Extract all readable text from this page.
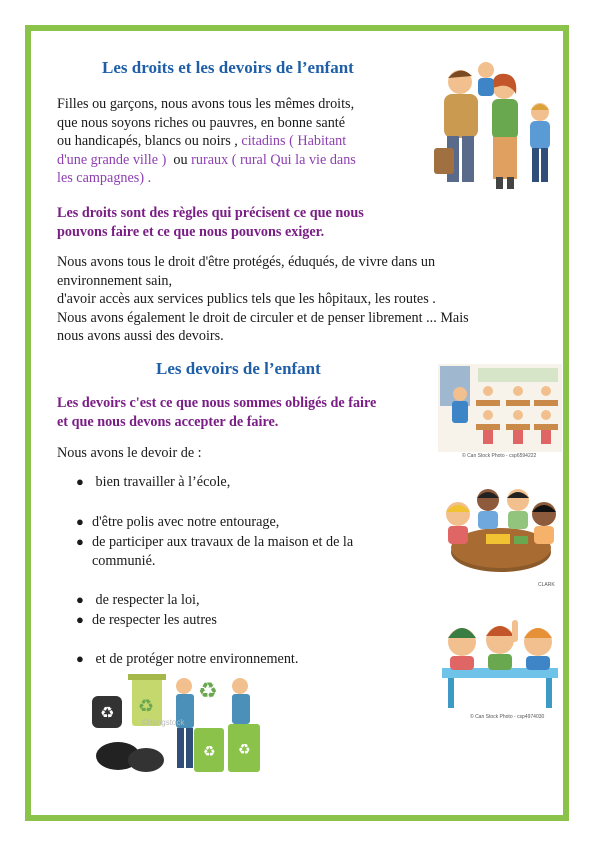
Les droits et les devoirs de l’enfant
Filles ou garçons, nous avons tous les mêmes droits,
que nous soyons riches ou pauvres, en bonne santé
ou handicapés, blancs ou noirs , citadins ( Habitant
d'une grande ville ) ou ruraux ( rural Qui la vie dans
les campagnes) .
Les droits sont des règles qui précisent ce que nous
pouvons faire et ce que nous pouvons exiger.
Nous avons tous le droit d'être protégés, éduqués, de vivre dans un
environnement sain,
d'avoir accès aux services publics tels que les hôpitaux, les routes .
Nous avons également le droit de circuler et de penser librement ... Mais
nous avons aussi des devoirs.
Les devoirs de l’enfant
Les devoirs c'est ce que nous sommes obligés de faire
et que nous devons accepter de faire.
Nous avons le devoir de :
●
bien travailler à l’école,
● d'être polis avec notre entourage,
● de participer aux travaux de la maison et de la
communié.
●
de respecter la loi,
● de respecter les autres
●
et de protéger notre environnement.
© Can Stock Photo - csp6594222
CLARK
© Can Stock Photo - csp4974030
♻ ♻
♻
♻ ♻
©bangstock
